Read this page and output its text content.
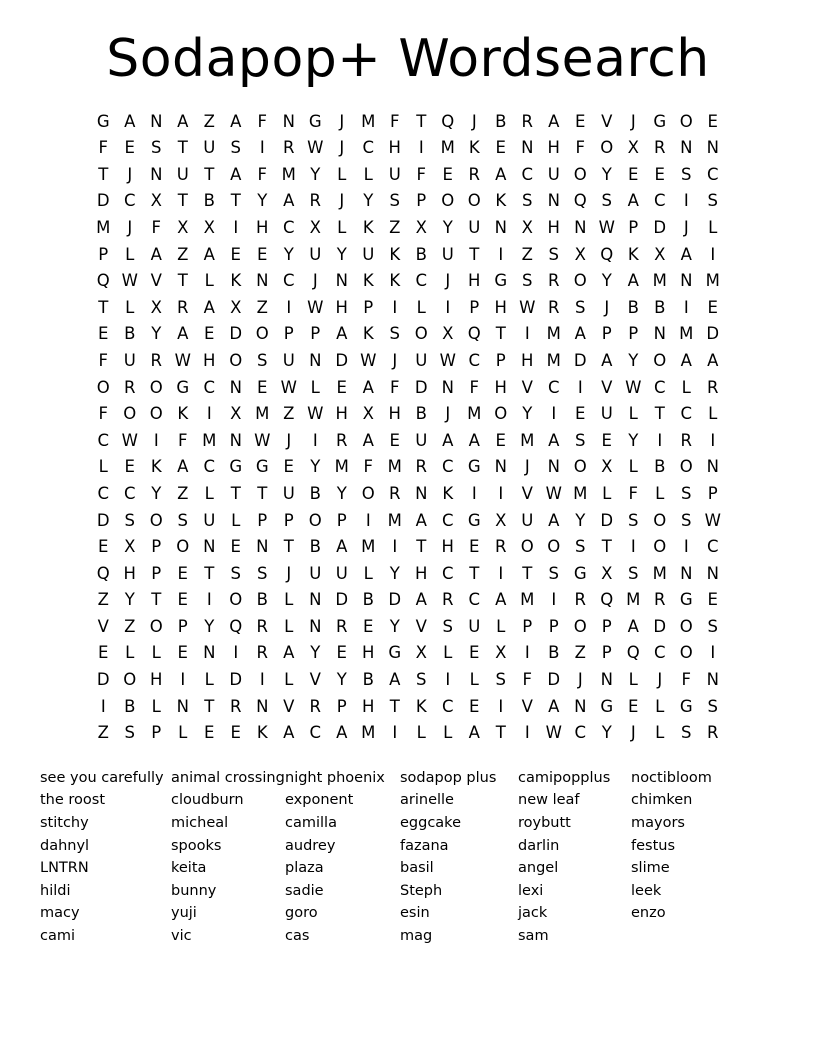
Sodapop+ Wordsearch
G A N A Z A F N G	J	M F	T Q	J	B R A E V	J	G O E
F	E S T U S	I	R W J	C H	I	M K E N H F O X R N N
T	J	N U T A F M Y	L	L U F	E R A C U O Y E E S C
D C X T B T Y A R	J	Y S P O O K S N Q S A C	I	S
M	J	F X X	I	H C X L K Z X Y U N X H N W P D	J	L
P	L A Z A E E Y U Y U K B U T	I	Z S X Q K X A	I
Q W V T	L K N C	J	N K K C	J	H G S R O Y A M N M
T	L X R A X Z	I W H P	I	L	I	P H W R S	J	B B	I	E
E B Y A E D O P	P A K S O X Q T	I	M A P	P N M D
F U R W H O S U N D W J	U W C P H M D A Y O A A
O R O G C N E W L	E A F D N F H V C	I	V W C L R
F O O K	I	X M Z W H X H B	J	M O Y	I	E U L	T C L
C W I	F M N W J	I	R A E U A A E M A S E Y	I	R	I
L	E K A C G G E Y M F M R C G N	J	N O X L B O N
C C Y Z L	T T U B Y O R N K	I	I	V W M L	F	L	S P
D S O S U L	P	P O P	I	M A C G X U A Y D S O S W
E X P O N E N T B A M	I	T H E R O O S T	I	O	I	C
Q H P E T S S	J	U U L	Y H C T	I	T S G X S M N N
Z Y T E	I	O B L N D B D A R C A M	I	R Q M R G E
V Z O P Y Q R L N R E Y V S U L	P	P O P A D O S
E	L	L	E N	I	R A Y E H G X L	E X	I	B Z P Q C O	I
D O H	I	L D	I	L V Y B A S	I	L	S	F D	J	N L	J	F N
I	B L N T R N V R P H T K C E	I	V A N G E	L G S
Z S P	L	E E K A C A M	I	L	L A T	I W C Y	J	L	S R
see you carefully
the roost
stitchy
dahnyl
LNTRN
hildi
macy
cami
animal crossing
cloudburn
micheal
spooks
keita
bunny
yuji
vic
night phoenix
exponent
camilla
audrey
plaza
sadie
goro
cas
sodapop plus
arinelle
eggcake
fazana
basil
Steph
esin
mag
camipopplus
new leaf
roybutt
darlin
angel
lexi
jack
sam
noctibloom
chimken
mayors
festus
slime
leek
enzo
